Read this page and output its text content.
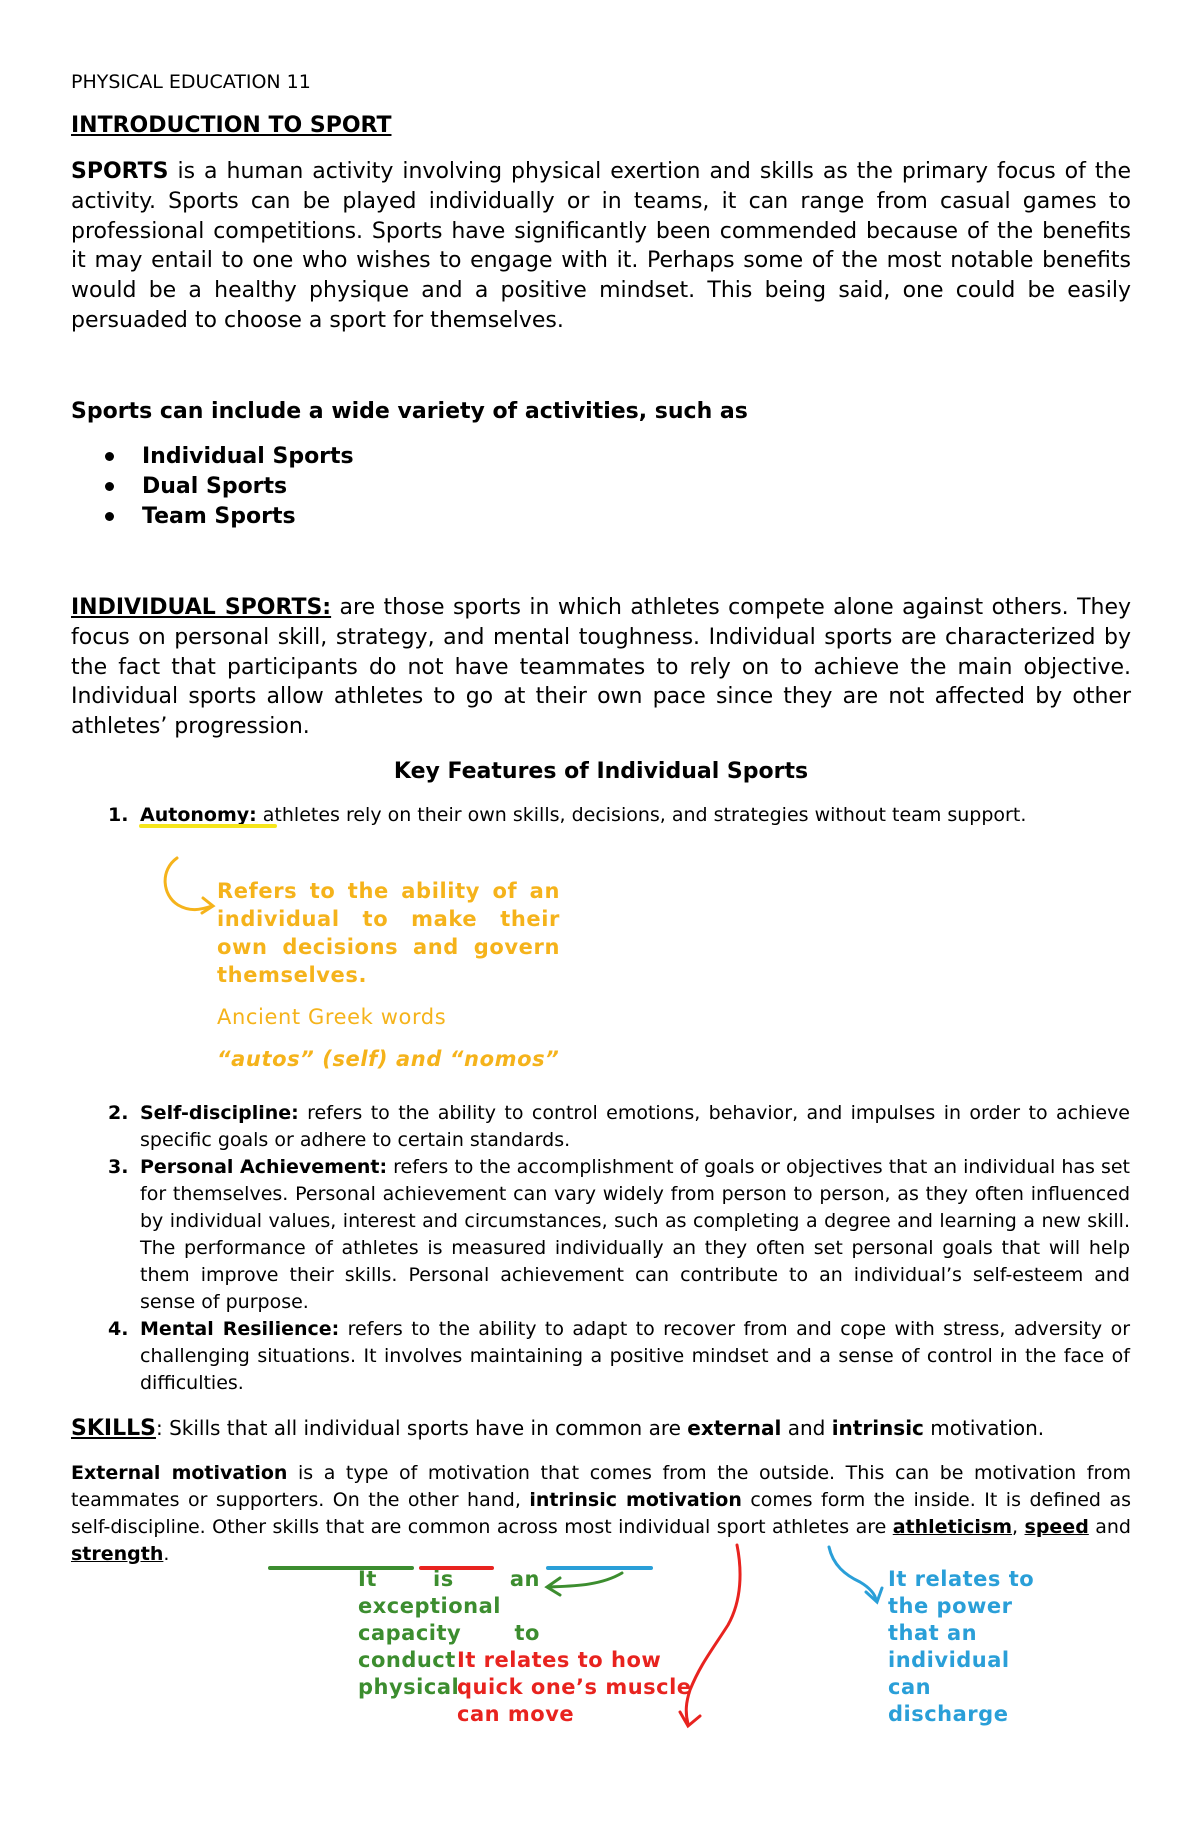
PHYSICAL EDUCATION 11
INTRODUCTION TO SPORT
SPORTS is a human activity involving physical exertion and skills as the primary focus of the activity. Sports can be played individually or in teams, it can range from casual games to professional competitions. Sports have significantly been commended because of the benefits it may entail to one who wishes to engage with it. Perhaps some of the most notable benefits would be a healthy physique and a positive mindset. This being said, one could be easily persuaded to choose a sport for themselves.
Sports can include a wide variety of activities, such as
Individual Sports
Dual Sports
Team Sports
INDIVIDUAL SPORTS: are those sports in which athletes compete alone against others. They focus on personal skill, strategy, and mental toughness. Individual sports are characterized by the fact that participants do not have teammates to rely on to achieve the main objective. Individual sports allow athletes to go at their own pace since they are not affected by other athletes’ progression.
Key Features of Individual Sports
1. Autonomy: athletes rely on their own skills, decisions, and strategies without team support.
Refers to the ability of an
individual to make their
own decisions and govern
themselves.
Ancient Greek words
“autos” (self) and “nomos”
2. Self-discipline: refers to the ability to control emotions, behavior, and impulses in order to achieve specific goals or adhere to certain standards.
3. Personal Achievement: refers to the accomplishment of goals or objectives that an individual has set for themselves. Personal achievement can vary widely from person to person, as they often influenced by individual values, interest and circumstances, such as completing a degree and learning a new skill. The performance of athletes is measured individually an they often set personal goals that will help them improve their skills. Personal achievement can contribute to an individual’s self-esteem and sense of purpose.
4. Mental Resilience: refers to the ability to adapt to recover from and cope with stress, adversity or challenging situations. It involves maintaining a positive mindset and a sense of control in the face of difficulties.
SKILLS: Skills that all individual sports have in common are external and intrinsic motivation.
External motivation is a type of motivation that comes from the outside. This can be motivation from teammates or supporters. On the other hand, intrinsic motivation comes form the inside. It is defined as self-discipline. Other skills that are common across most individual sport athletes are athleticism, speed and strength.
It is an
exceptional
capacity to
conduct
physical
It relates to how
quick one’s muscle
can move
It relates to
the power
that an
individual
can
discharge
